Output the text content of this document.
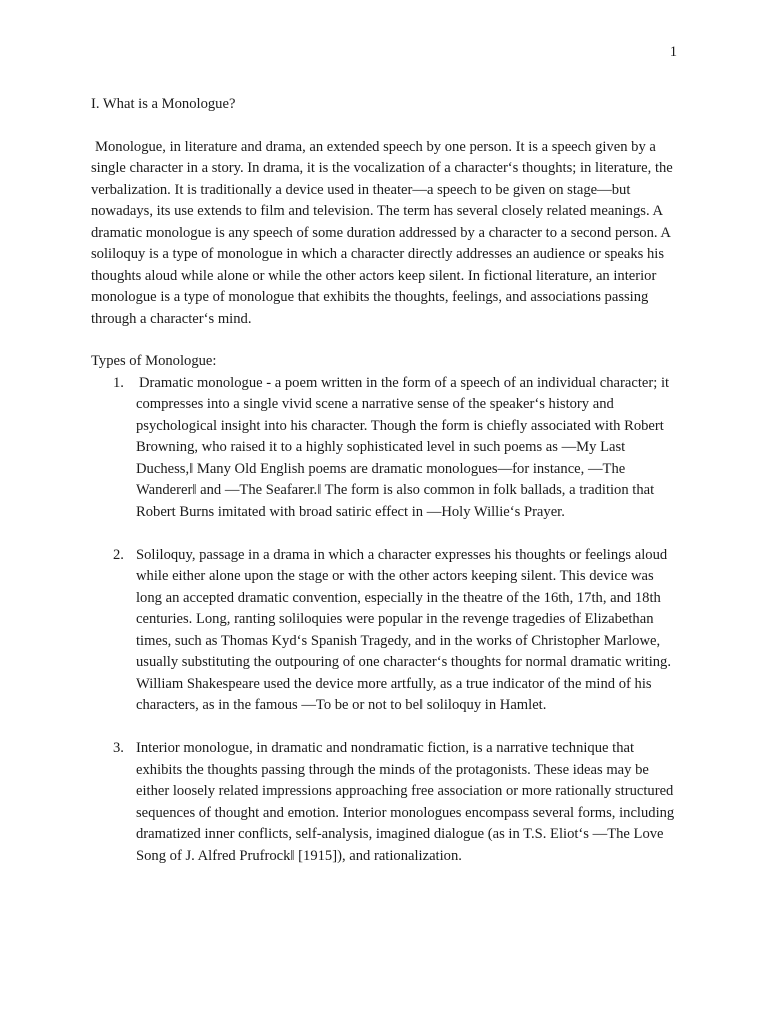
1
I. What is a Monologue?

Monologue, in literature and drama, an extended speech by one person. It is a speech given by a single character in a story. In drama, it is the vocalization of a character‘s thoughts; in literature, the verbalization. It is traditionally a device used in theater—a speech to be given on stage—but nowadays, its use extends to film and television. The term has several closely related meanings. A dramatic monologue is any speech of some duration addressed by a character to a second person. A soliloquy is a type of monologue in which a character directly addresses an audience or speaks his thoughts aloud while alone or while the other actors keep silent. In fictional literature, an interior monologue is a type of monologue that exhibits the thoughts, feelings, and associations passing through a character‘s mind.

Types of Monologue:

1. Dramatic monologue - a poem written in the form of a speech of an individual character; it compresses into a single vivid scene a narrative sense of the speaker‘s history and psychological insight into his character. Though the form is chiefly associated with Robert Browning, who raised it to a highly sophisticated level in such poems as ―My Last Duchess,‖ Many Old English poems are dramatic monologues—for instance, ―The Wanderer‖ and ―The Seafarer.‖ The form is also common in folk ballads, a tradition that Robert Burns imitated with broad satiric effect in ―Holy Willie‘s Prayer.
2. Soliloquy, passage in a drama in which a character expresses his thoughts or feelings aloud while either alone upon the stage or with the other actors keeping silent. This device was long an accepted dramatic convention, especially in the theatre of the 16th, 17th, and 18th centuries. Long, ranting soliloquies were popular in the revenge tragedies of Elizabethan times, such as Thomas Kyd‘s Spanish Tragedy, and in the works of Christopher Marlowe, usually substituting the outpouring of one character‘s thoughts for normal dramatic writing. William Shakespeare used the device more artfully, as a true indicator of the mind of his characters, as in the famous ―To be or not to be‖ soliloquy in Hamlet.
3. Interior monologue, in dramatic and nondramatic fiction, is a narrative technique that exhibits the thoughts passing through the minds of the protagonists. These ideas may be either loosely related impressions approaching free association or more rationally structured sequences of thought and emotion. Interior monologues encompass several forms, including dramatized inner conflicts, self-analysis, imagined dialogue (as in T.S. Eliot‘s ―The Love Song of J. Alfred Prufrock‖ [1915]), and rationalization.
